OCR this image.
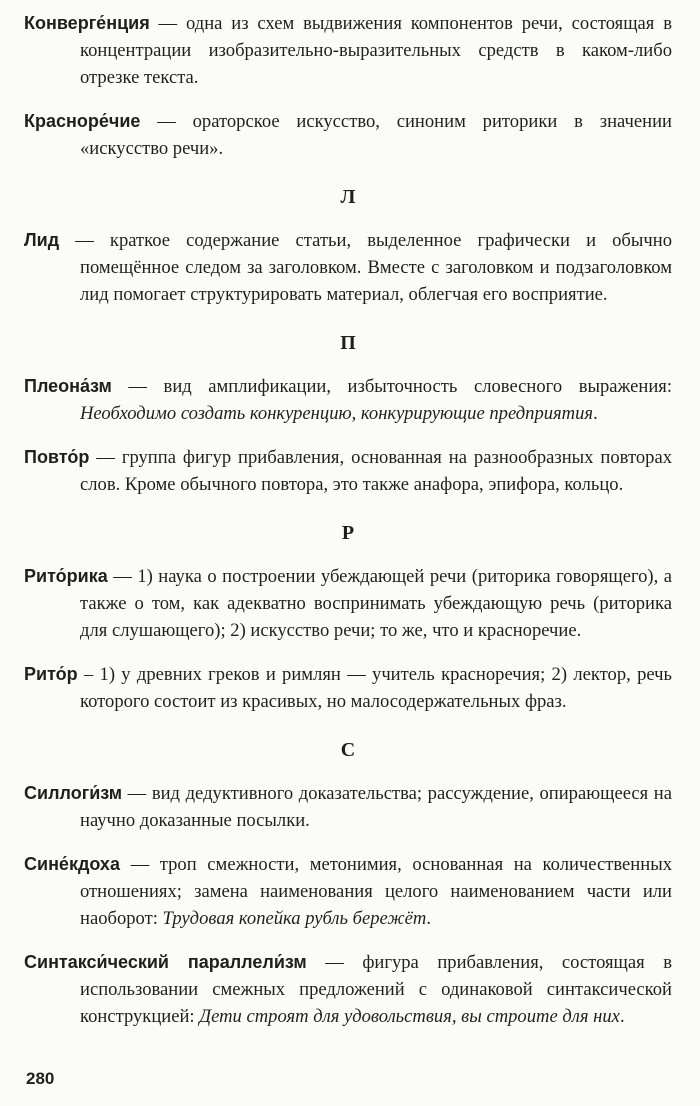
Конверге́нция — одна из схем выдвижения компонентов речи, состоящая в концентрации изобразительно-выразительных средств в каком-либо отрезке текста.

Красноре́чие — ораторское искусство, синоним риторики в значении «искусство речи».

Л

Лид — краткое содержание статьи, выделенное графически и обычно помещённое следом за заголовком. Вместе с заголовком и подзаголовком лид помогает структурировать материал, облегчая его восприятие.

П

Плеона́зм — вид амплификации, избыточность словесного выражения: Необходимо создать конкуренцию, конкурирующие предприятия.

Повто́р — группа фигур прибавления, основанная на разнообразных повторах слов. Кроме обычного повтора, это также анафора, эпифора, кольцо.

Р

Рито́рика — 1) наука о построении убеждающей речи (риторика говорящего), а также о том, как адекватно воспринимать убеждающую речь (риторика для слушающего); 2) искусство речи; то же, что и красноречие.

Рито́р – 1) у древних греков и римлян — учитель красноречия; 2) лектор, речь которого состоит из красивых, но малосодержательных фраз.

С

Силлоги́зм — вид дедуктивного доказательства; рассуждение, опирающееся на научно доказанные посылки.

Сине́кдоха — троп смежности, метонимия, основанная на количественных отношениях; замена наименования целого наименованием части или наоборот: Трудовая копейка рубль бережёт.

Синтакси́ческий параллели́зм — фигура прибавления, состоящая в использовании смежных предложений с одинаковой синтаксической конструкцией: Дети строят для удовольствия, вы строите для них.

280
